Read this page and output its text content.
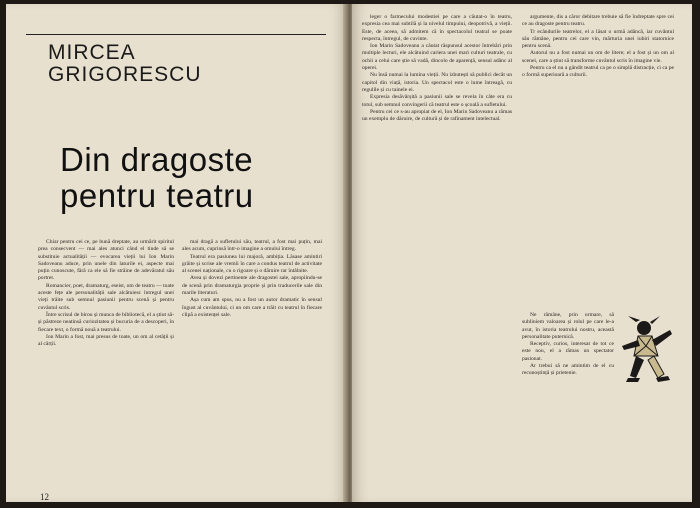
MIRCEA
GRIGORESCU
Din dragoste
pentru teatru

Chiar pentru cei ce, pe bună dreptate, au urmărit spiritul prea consecvent — mai ales atunci când el tinde să se substituie actualității — evocarea vieții lui Ion Marin Sadoveanu aduce, prin unele din laturile ei, aspecte mai puțin cunoscute, fără ca ele să fie străine de adevăratul său portret.

Romancier, poet, dramaturg, eseist, om de teatru — toate aceste fețe ale personalității sale alcătuiesc întregul unei vieți trăite sub semnul pasiunii pentru scenă și pentru cuvântul scris.

Între scrisul de birou și munca de bibliotecă, el a știut să-și păstreze neatinsă curiozitatea și bucuria de a descoperi, în fiecare text, o formă nouă a teatrului.

Ion Marin a fost, mai presus de toate, un om al cetății și al cărții.

mai dragă a sufletului său, teatrul, a fost mai puțin, mai ales acum, cuprinsă într-o imagine a omului întreg.

Teatrul era pasiunea lui majoră, ambiția. Lăsase amintiri grăite și scrise ale vremii în care a condus teatrul de activitate al scenei naționale, cu o rigoare și o dăruire rar întâlnite.

Avea și dovezi pertinente ale dragostei sale, apropiindu-se de scenă prin dramaturgia proprie și prin traducerile sale din marile literaturi.

Așa cum am spus, nu a fost un autor dramatic în sensul îngust al cuvântului, ci un om care a trăit cu teatrul în fiecare clipă a existenței sale.

12

leger o farmecului modestiei pe care a căutat-o în teatru, expresia cea mai subtilă și la nivelul timpului, deopotrivă, a vieții. Este, de aceea, să admitem că în spectacolul teatral se poate respecta, întregul, de cuvinte.

Ion Marin Sadoveanu a căutat răspunsul acestor întrebări prin multiple lecturi, ele alcătuind cariera unei mari culturi teatrale, cu ochii a celui care știe să vadă, dincolo de aparență, sensul adânc al operei.

Nu însă numai la lumina vieții. Nu izbutești să publici decât un capitol din viață, istoria. Un spectacol este o lume întreagă, cu regulile și cu tainele ei.

Expresia desăvârșită a pasiunii sale se revela în câte era cu totul, sub semnul convingerii că teatrul este o școală a sufletului.

Pentru cei ce s-au apropiat de el, Ion Marin Sadoveanu a rămas un exemplu de dăruire, de cultură și de rafinament intelectual.

argumente, dis a căror debitare trebuie să fie îndreptate spre cei ce au dragoste pentru teatru.

Tr ecândurile teatrelor, el a lăsat o urmă adâncă, iar cuvântul său rămâne, pentru cei care vin, mărturia unei iubiri statornice pentru scenă.

Autorul nu a fost numai un om de litere; el a fost și un om al scenei, care a știut să transforme cuvântul scris în imagine vie.

Pentru ca el nu a gândit teatrul ca pe o simplă distracție, ci ca pe o formă superioară a culturii.

Ne rămâne, prin urmare, să subliniem valoarea și rolul pe care le-a avut, în istoria teatrului nostru, această personalitate puternică.

Receptiv, curios, interesat de tot ce este nou, el a rămas un spectator pasionat.

Ar trebui să ne amintim de el cu recunoștință și prietenie.
